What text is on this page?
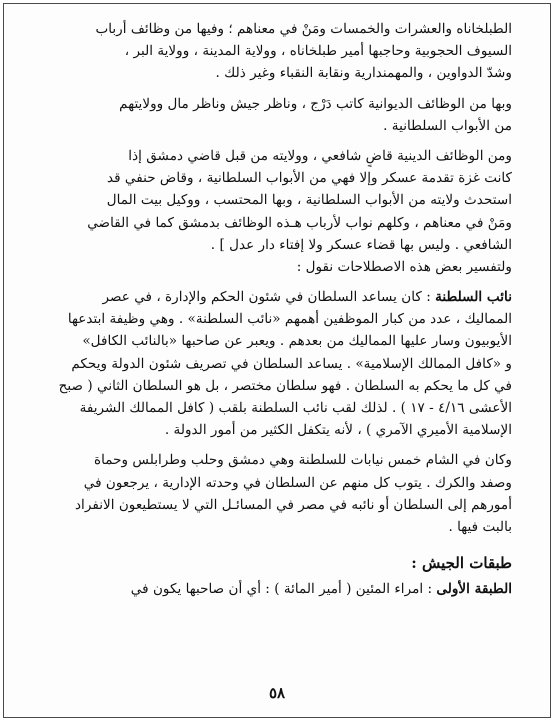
الطبلخاناه والعشرات والخمسات ومَنْ في معناهم ؛ وفيها من وظائف أرباب
السيوف الحجوبية وحاجبها أمير طبلخاناه ، وولاية المدينة ، وولاية البر ،
وشدّ الدواوين ، والمهمندارية ونقابة النقباء وغير ذلك .
وبها من الوظائف الديوانية كاتب دَرْج ، وناظر جيش وناظر مال وولايتهم
من الأبواب السلطانية .
ومن الوظائف الدينية قاضٍ شافعي ، وولايته من قبل قاضي دمشق إذا
كانت غزة تقدمة عسكر وإلا فهي من الأبواب السلطانية ، وقاض حنفي قد
استحدث ولايته من الأبواب السلطانية ، وبها المحتسب ، ووكيل بيت المال
ومَنْ في معناهم ، وكلهم نواب لأرباب هـذه الوظائف بدمشق كما في القاضي
الشافعي . وليس بها قضاء عسكر ولا إفتاء دار عدل ] .
ولتفسير بعض هذه الاصطلاحات نقول :
نائب السلطنة : كان يساعد السلطان في شئون الحكم والإدارة ، في عصر
المماليك ، عدد من كبار الموظفين أهمهم «نائب السلطنة» . وهي وظيفة ابتدعها
الأيوبيون وسار عليها المماليك من بعدهم . ويعبر عن صاحبها «بالنائب الكافل»
و «كافل الممالك الإسلامية» . يساعد السلطان في تصريف شئون الدولة ويحكم
في كل ما يحكم به السلطان . فهو سلطان مختصر ، بل هو السلطان الثاني ( صبح
الأعشى ٤/١٦ - ١٧ ) . لذلك لقب نائب السلطنة بلقب ( كافل الممالك الشريفة
الإسلامية الأميري الآمري ) ، لأنه يتكفل الكثير من أمور الدولة .
وكان في الشام خمس نيابات للسلطنة وهي دمشق وحلب وطرابلس وحماة
وصفد والكرك . يتوب كل منهم عن السلطان في وحدته الإدارية ، يرجعون في
أمورهم إلى السلطان أو نائبه في مصر في المسائـل التي لا يستطيعون الانفراد
بالبت فيها .
طبقات الجيش :
الطبقة الأولى : امراء المئين ( أمير المائة ) : أي أن صاحبها يكون في
٥٨
